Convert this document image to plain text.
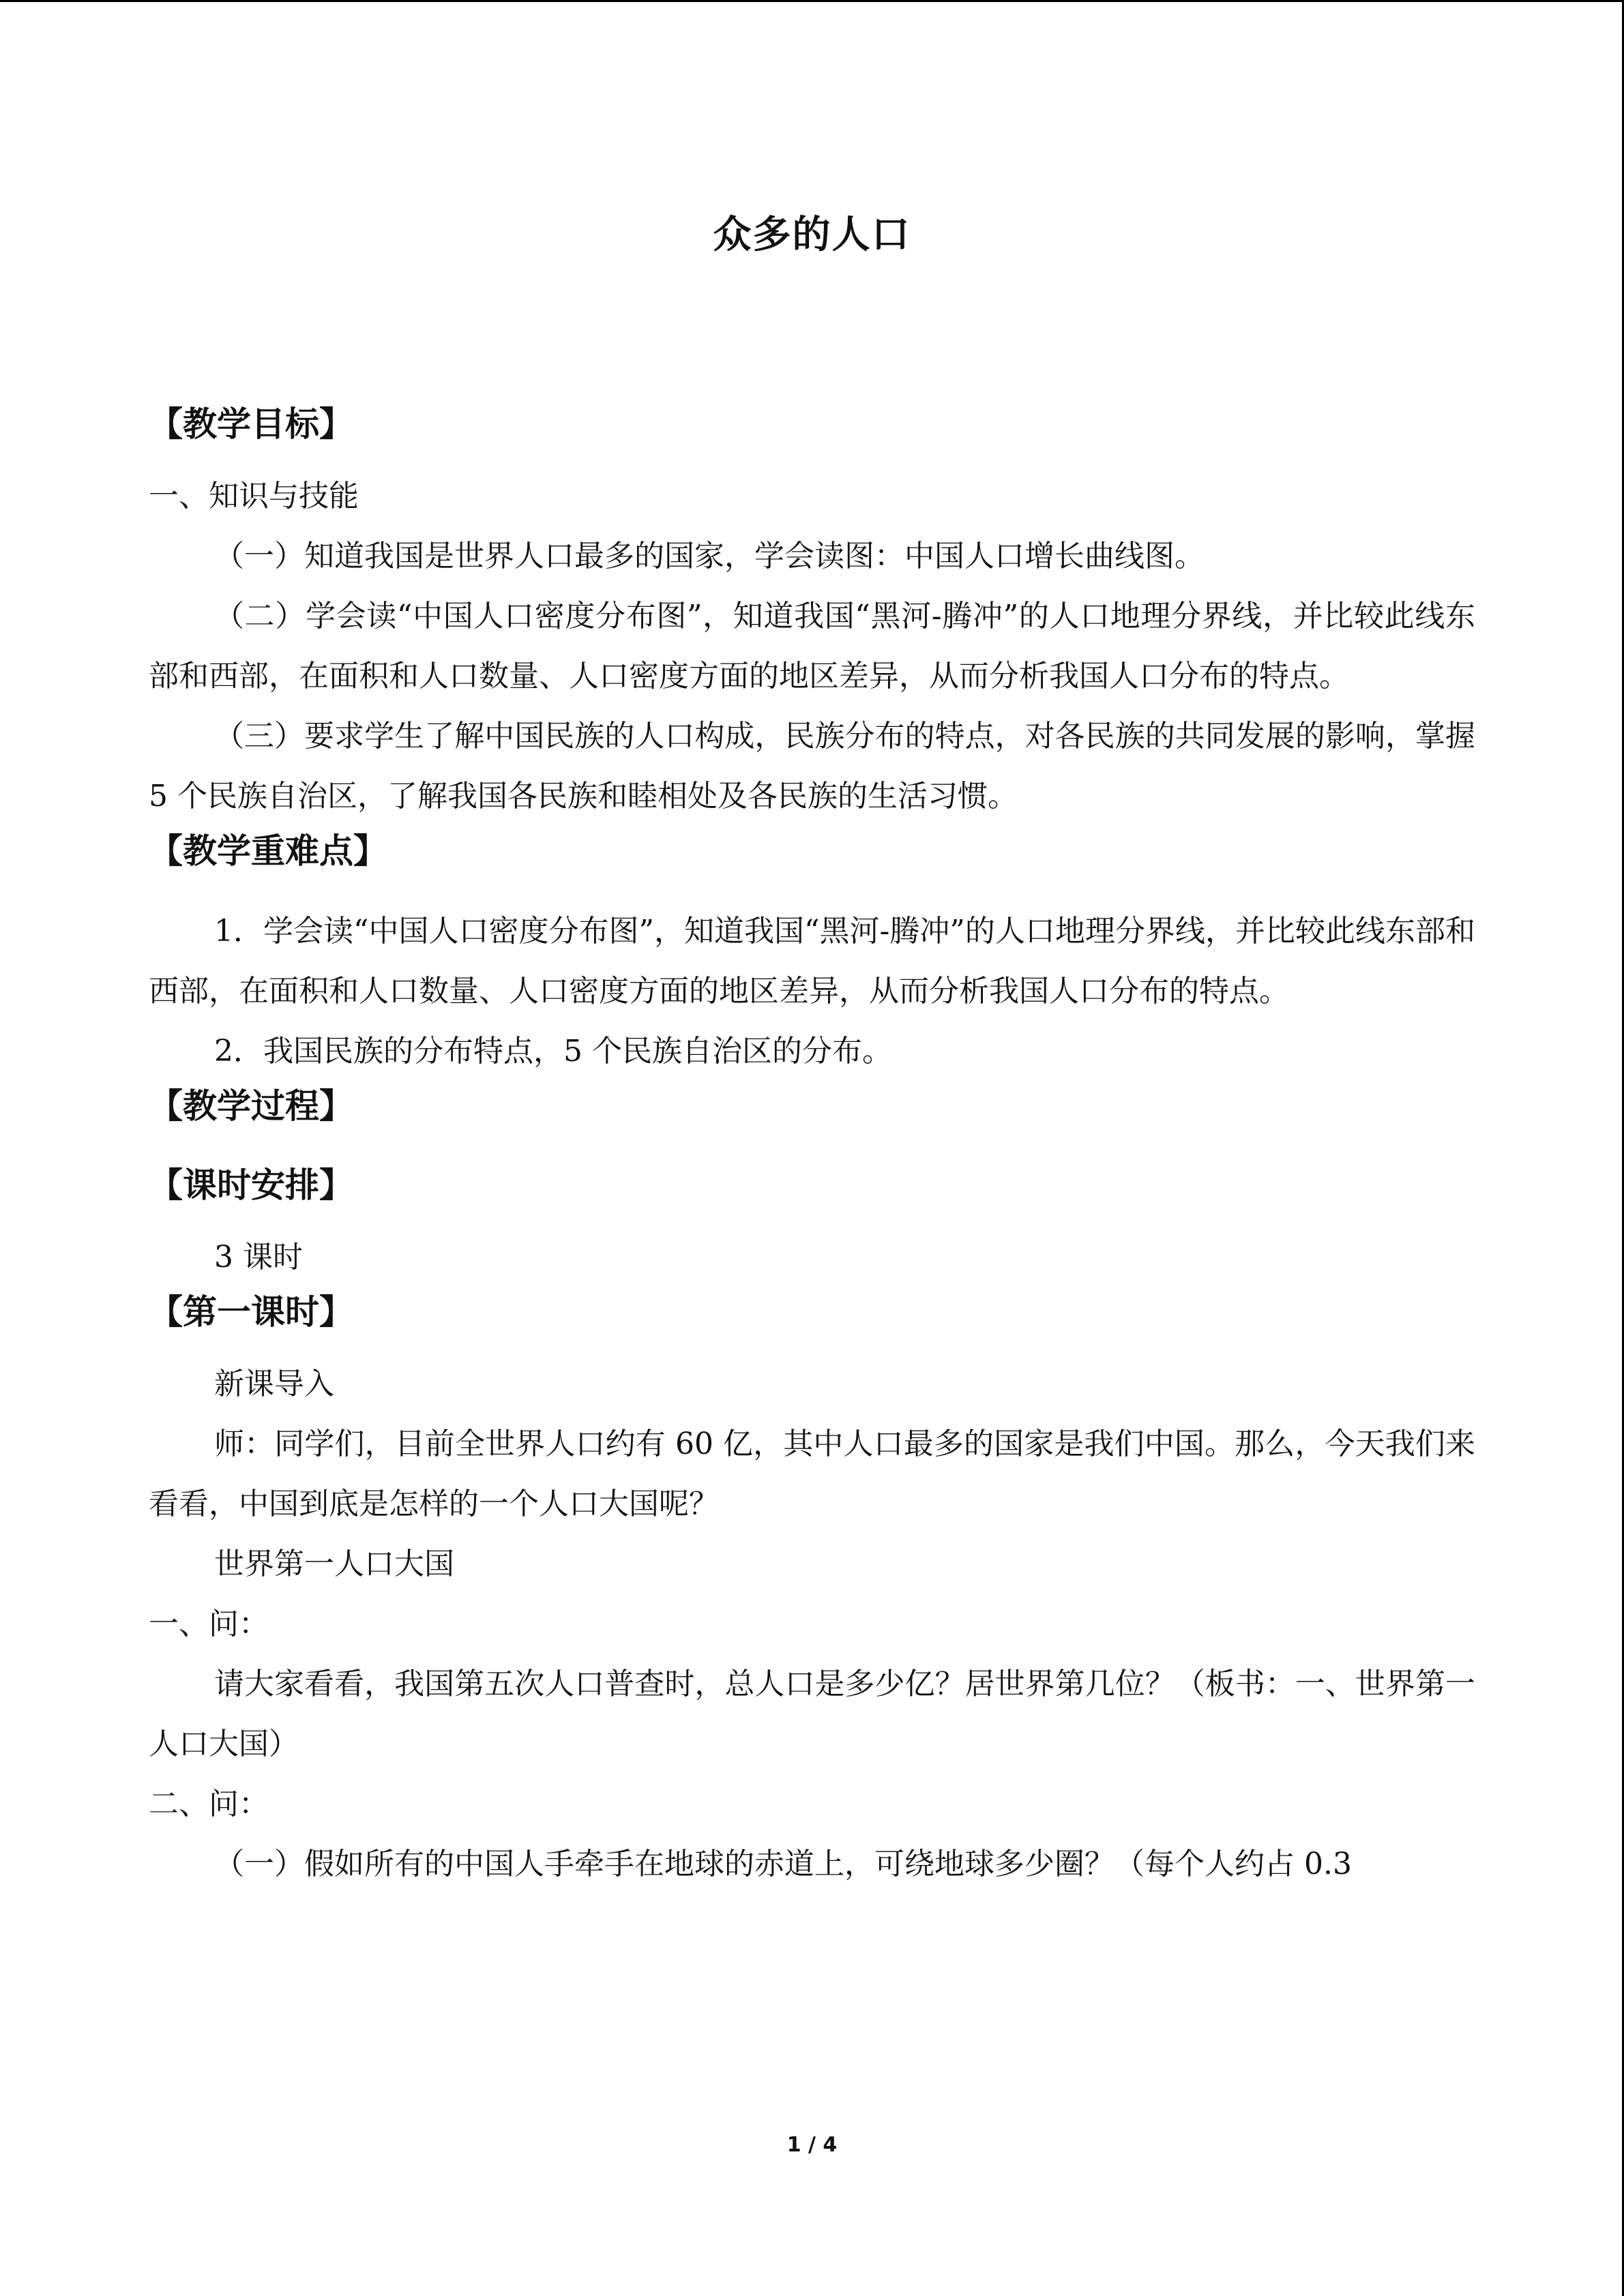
众多的人口
【教学目标】

一、知识与技能

（一）知道我国是世界人口最多的国家，学会读图：中国人口增长曲线图。

（二）学会读“中国人口密度分布图”，知道我国“黑河-腾冲”的人口地理分界线，并比较此线东部和西部，在面积和人口数量、人口密度方面的地区差异，从而分析我国人口分布的特点。

（三）要求学生了解中国民族的人口构成，民族分布的特点，对各民族的共同发展的影响，掌握 5 个民族自治区，了解我国各民族和睦相处及各民族的生活习惯。

【教学重难点】

1．学会读“中国人口密度分布图”，知道我国“黑河-腾冲”的人口地理分界线，并比较此线东部和西部，在面积和人口数量、人口密度方面的地区差异，从而分析我国人口分布的特点。

2．我国民族的分布特点，5 个民族自治区的分布。

【教学过程】
【课时安排】

3 课时

【第一课时】

新课导入

师：同学们，目前全世界人口约有 60 亿，其中人口最多的国家是我们中国。那么，今天我们来看看，中国到底是怎样的一个人口大国呢？

世界第一人口大国

一、问：

请大家看看，我国第五次人口普查时，总人口是多少亿？居世界第几位？（板书：一、世界第一人口大国）

二、问：

（一）假如所有的中国人手牵手在地球的赤道上，可绕地球多少圈？（每个人约占 0.3

1 / 4
